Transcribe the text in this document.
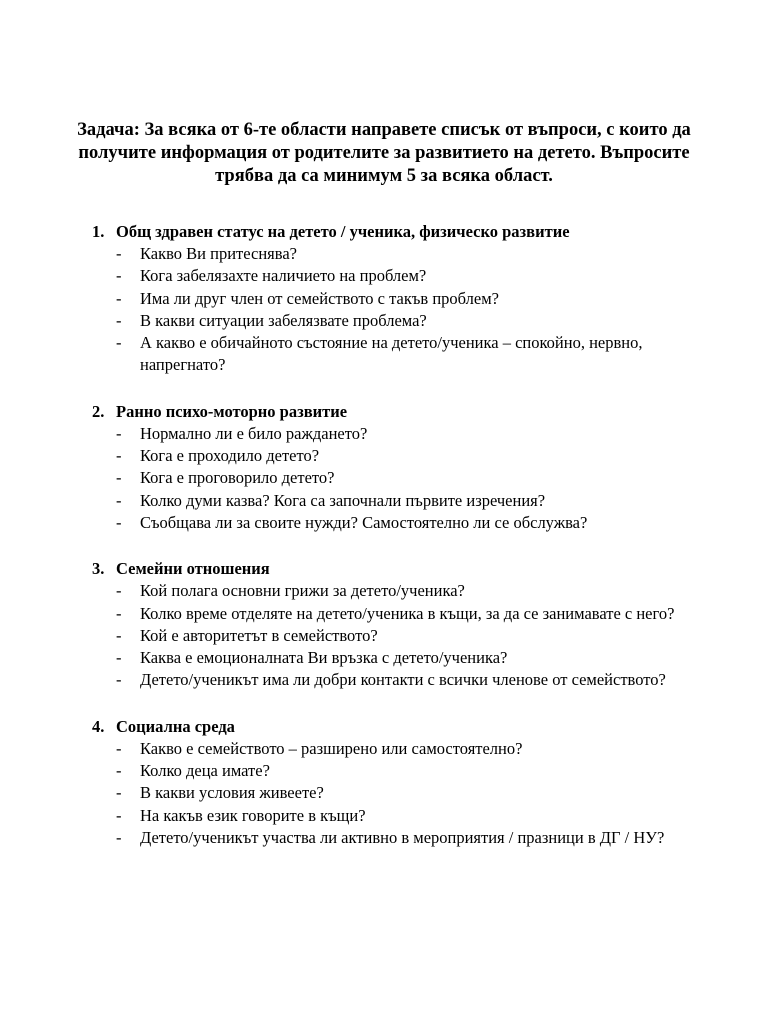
Задача: За всяка от 6-те области направете списък от въпроси, с които да получите информация от родителите за развитието на детето. Въпросите трябва да са минимум 5 за всяка област.
1. Общ здравен статус на детето / ученика, физическо развитие
- Какво Ви притеснява?
- Кога забелязахте наличието на проблем?
- Има ли друг член от семейството с такъв проблем?
- В какви ситуации забелязвате проблема?
- А какво е обичайното състояние на детето/ученика – спокойно, нервно, напрегнато?
2. Ранно психо-моторно развитие
- Нормално ли е било раждането?
- Кога е проходило детето?
- Кога е проговорило детето?
- Колко думи казва? Кога са започнали първите изречения?
- Съобщава ли за своите нужди? Самостоятелно ли се обслужва?
3. Семейни отношения
- Кой полага основни грижи за детето/ученика?
- Колко време отделяте на детето/ученика в къщи, за да се занимавате с него?
- Кой е авторитетът в семейството?
- Каква е емоционалната Ви връзка с детето/ученика?
- Детето/ученикът има ли добри контакти с всички членове от семейството?
4. Социална среда
- Какво е семейството – разширено или самостоятелно?
- Колко деца имате?
- В какви условия живеете?
- На какъв език говорите в къщи?
- Детето/ученикът участва ли активно в мероприятия / празници в ДГ / НУ?
